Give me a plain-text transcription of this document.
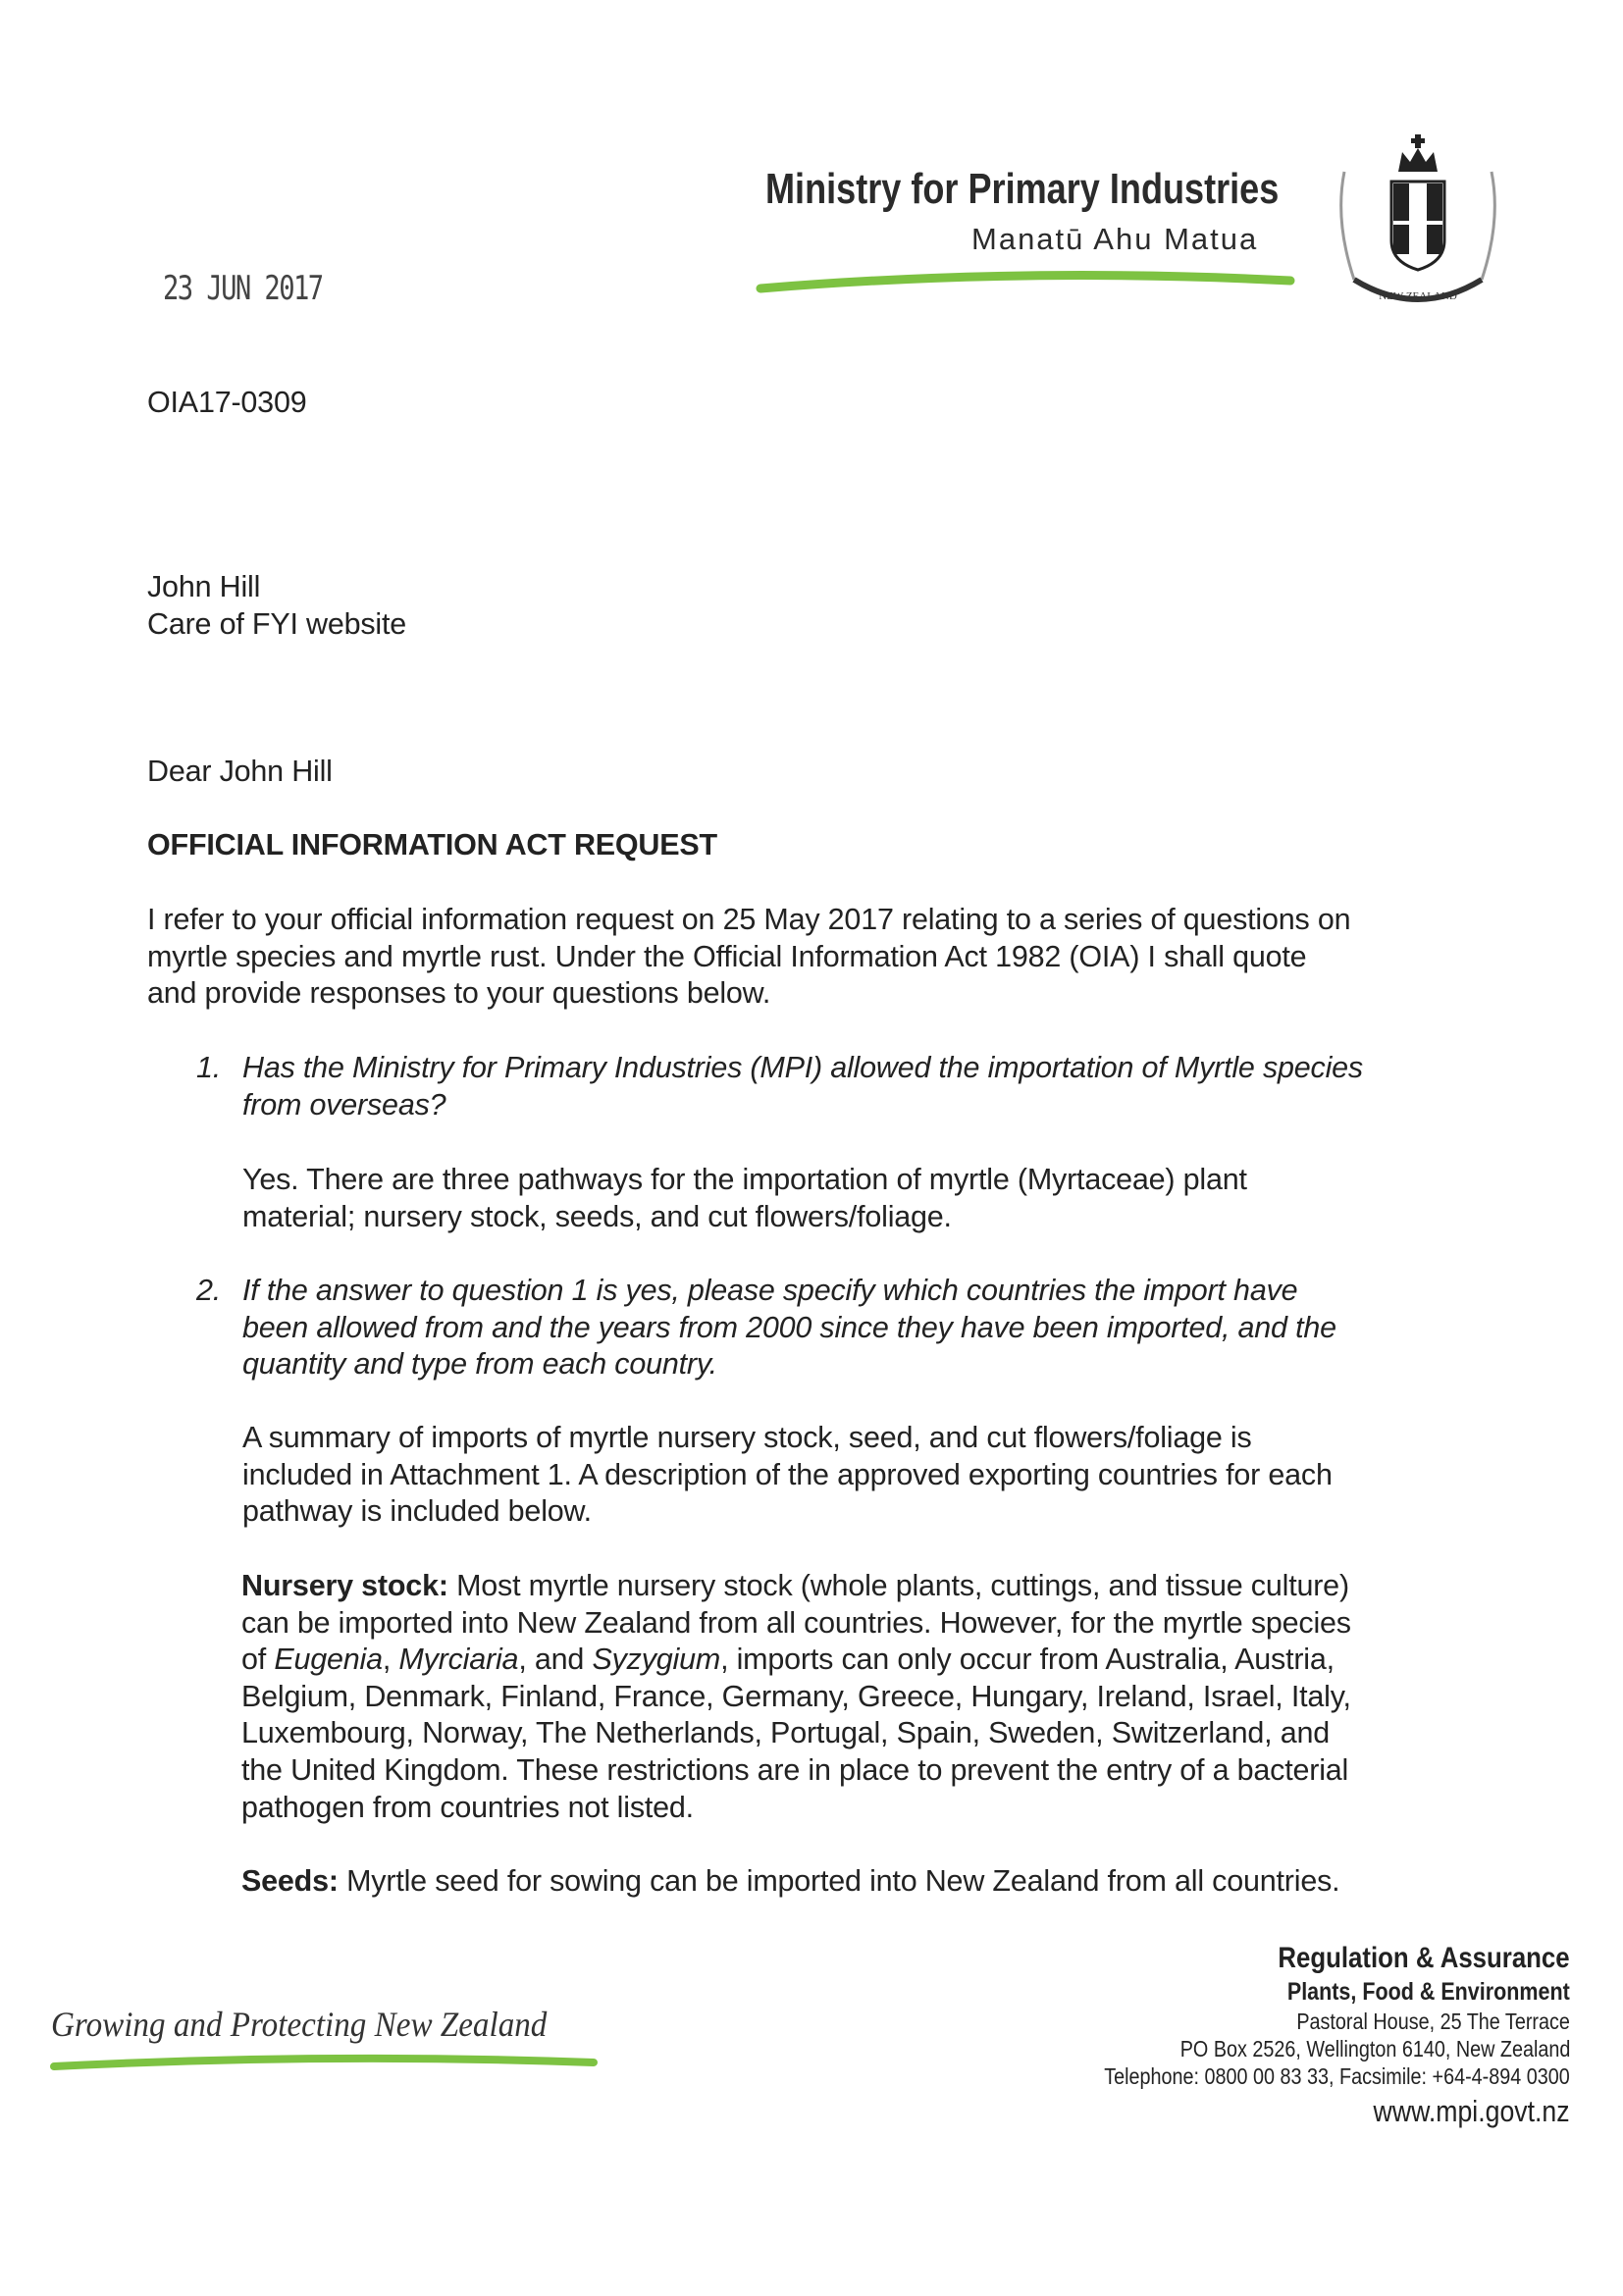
Ministry for Primary Industries
Manatū Ahu Matua
NEW ZEALAND
23 JUN 2017
OIA17-0309
John Hill
Care of FYI website
Dear John Hill
OFFICIAL INFORMATION ACT REQUEST
I refer to your official information request on 25 May 2017 relating to a series of questions on
myrtle species and myrtle rust. Under the Official Information Act 1982 (OIA) I shall quote
and provide responses to your questions below.
1. Has the Ministry for Primary Industries (MPI) allowed the importation of Myrtle species
from overseas?
Yes. There are three pathways for the importation of myrtle (Myrtaceae) plant
material; nursery stock, seeds, and cut flowers/foliage.
2. If the answer to question 1 is yes, please specify which countries the import have
been allowed from and the years from 2000 since they have been imported, and the
quantity and type from each country.
A summary of imports of myrtle nursery stock, seed, and cut flowers/foliage is
included in Attachment 1. A description of the approved exporting countries for each
pathway is included below.
Nursery stock: Most myrtle nursery stock (whole plants, cuttings, and tissue culture)
can be imported into New Zealand from all countries. However, for the myrtle species
of Eugenia, Myrciaria, and Syzygium, imports can only occur from Australia, Austria,
Belgium, Denmark, Finland, France, Germany, Greece, Hungary, Ireland, Israel, Italy,
Luxembourg, Norway, The Netherlands, Portugal, Spain, Sweden, Switzerland, and
the United Kingdom. These restrictions are in place to prevent the entry of a bacterial
pathogen from countries not listed.
Seeds: Myrtle seed for sowing can be imported into New Zealand from all countries.
Growing and Protecting New Zealand
Regulation & Assurance
Plants, Food & Environment
Pastoral House, 25 The Terrace
PO Box 2526, Wellington 6140, New Zealand
Telephone: 0800 00 83 33, Facsimile: +64-4-894 0300
www.mpi.govt.nz
